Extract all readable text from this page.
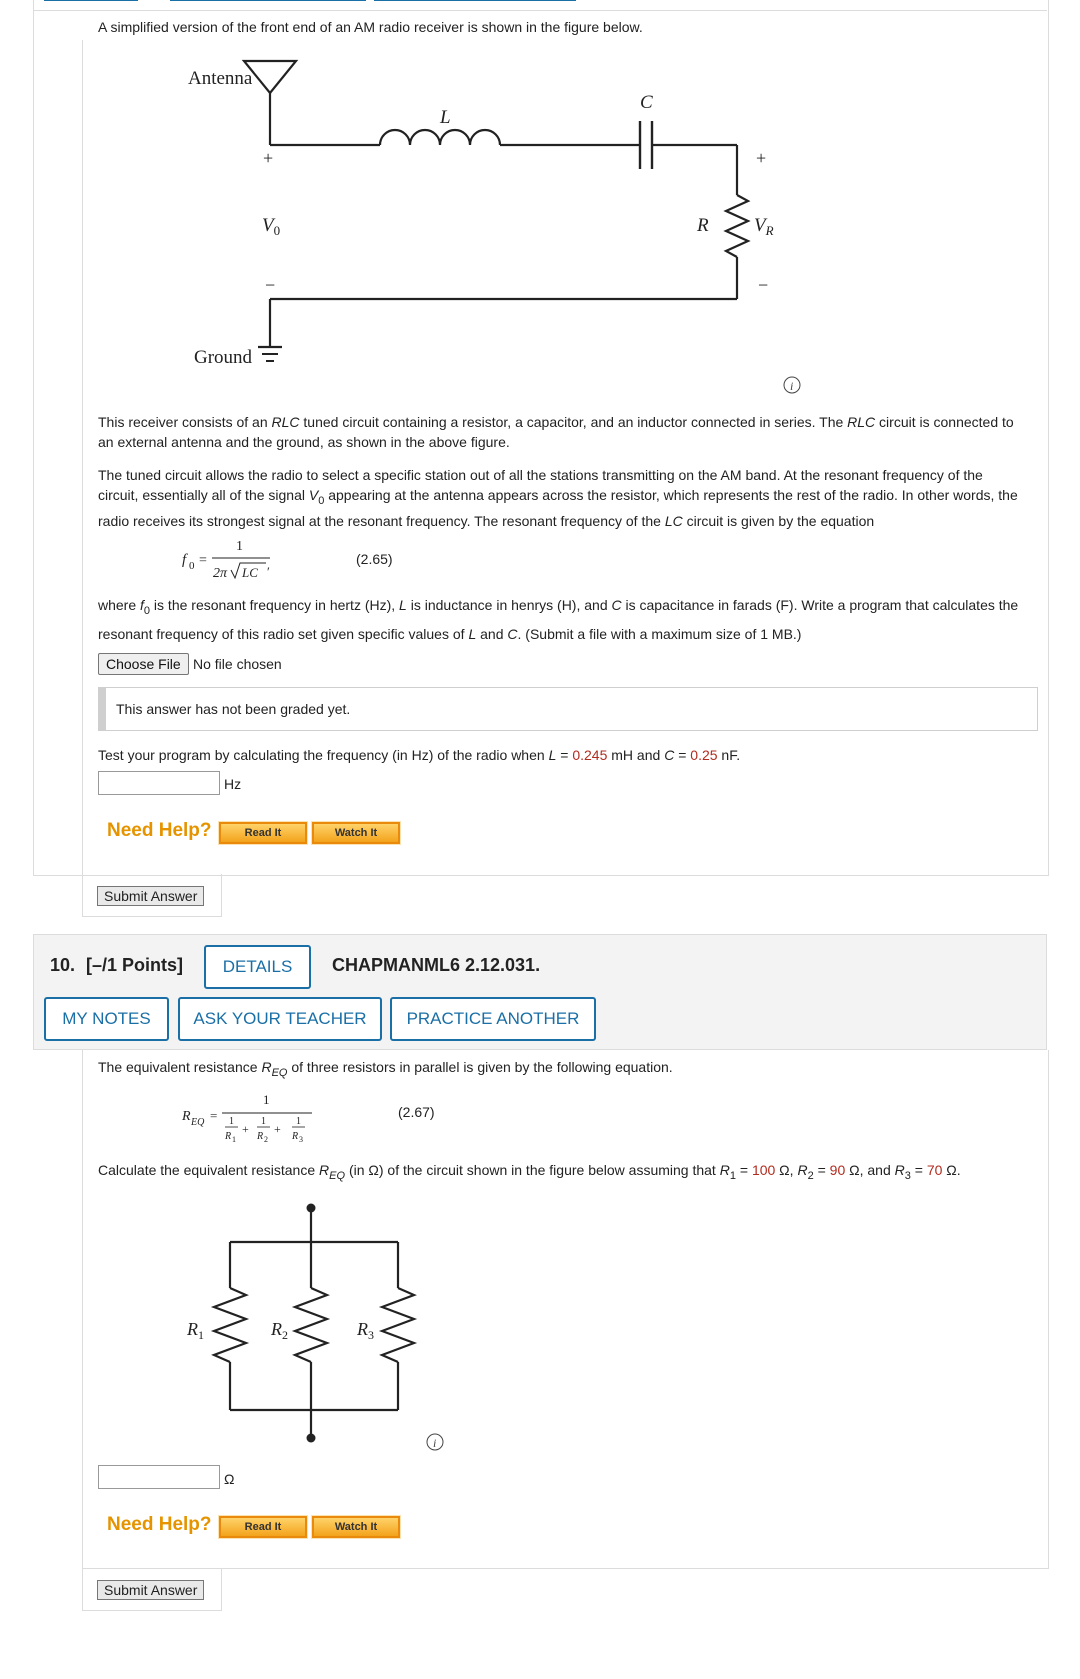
A simplified version of the front end of an AM radio receiver is shown in the figure below.
Antenna
L
C
R
Ground
+
$V_0$
−
+
$V_R$
−
i
This receiver consists of an RLC tuned circuit containing a resistor, a capacitor, and an inductor connected in series. The RLC circuit is connected to
an external antenna and the ground, as shown in the above figure.
The tuned circuit allows the radio to select a specific station out of all the stations transmitting on the AM band. At the resonant frequency of the
circuit, essentially all of the signal $V_0$ appearing at the antenna appears across the resistor, which represents the rest of the radio. In other words, the
radio receives its strongest signal at the resonant frequency. The resonant frequency of the LC circuit is given by the equation
f 0 =
1
2π LC ′
(2.65)
where $f_0$ is the resonant frequency in hertz (Hz), L is inductance in henrys (H), and C is capacitance in farads (F). Write a program that calculates the
resonant frequency of this radio set given specific values of L and C. (Submit a file with a maximum size of 1 MB.)
Choose File No file chosen
This answer has not been graded yet.
Test your program by calculating the frequency (in Hz) of the radio when L = 0.245 mH and C = 0.25 nF.
Hz
Need Help?	Read It	Watch It
Submit Answer
10. [–/1 Points]	DETAILS	CHAPMANML6 2.12.031.
MY NOTES	ASK YOUR TEACHER	PRACTICE ANOTHER
The equivalent resistance $R_{EQ}$ of three resistors in parallel is given by the following equation.
R EQ =
1
1
R 1
+
1
R 2
+
1
R 3
(2.67)
Calculate the equivalent resistance $R_{EQ}$ (in Ω) of the circuit shown in the figure below assuming that $R_1 = 100$ Ω, $R_2 = 90$ Ω, and $R_3 = 70$ Ω.
$R_1$	$R_2$	$R_3$
i
Ω
Need Help?	Read It	Watch It
Submit Answer
